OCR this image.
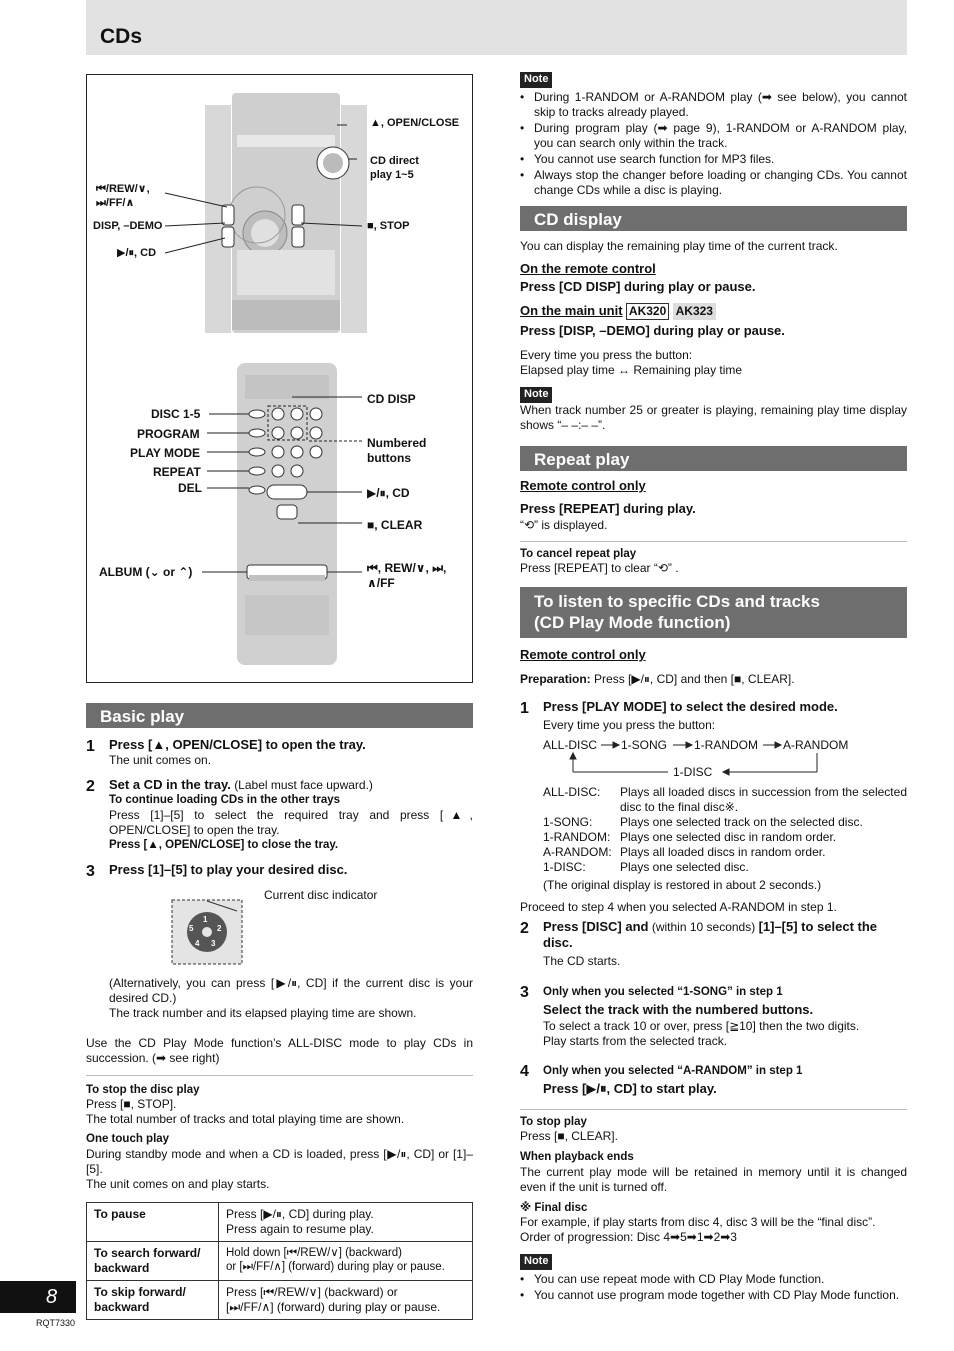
CDs
▲, OPEN/CLOSE
CD direct play 1~5
⏮/REW/∨, ⏭/FF/∧
DISP, –DEMO	■, STOP
▶/⏸, CD
CD DISP
DISC 1-5
PROGRAM
Numbered buttons
PLAY MODE
REPEAT
DEL	▶/⏸, CD
■, CLEAR
ALBUM (⌄ or ⌃)	⏮, REW/∨, ⏭, ∧/FF
Basic play
1 Press [▲, OPEN/CLOSE] to open the tray.
The unit comes on.
2 Set a CD in the tray. (Label must face upward.)
To continue loading CDs in the other trays
Press [1]–[5] to select the required tray and press [▲, OPEN/CLOSE] to open the tray.
Press [▲, OPEN/CLOSE] to close the tray.
3 Press [1]–[5] to play your desired disc.
Current disc indicator
1
2
3
4
5
(Alternatively, you can press [▶/⏸, CD] if the current disc is your desired CD.)
The track number and its elapsed playing time are shown.
Use the CD Play Mode function’s ALL-DISC mode to play CDs in succession. (➡ see right)
To stop the disc play
Press [■, STOP].
The total number of tracks and total playing time are shown.
One touch play
During standby mode and when a CD is loaded, press [▶/⏸, CD] or [1]–[5].
The unit comes on and play starts.
To pause	Press [▶/⏸, CD] during play.
Press again to resume play.

To search forward/ backward	Hold down [⏮/REW/∨] (backward)
or [⏭/FF/∧] (forward) during play or pause.

To skip forward/ backward	Press [⏮/REW/∨] (backward) or
[⏭/FF/∧] (forward) during play or pause.
8
RQT7330
Note
• During 1-RANDOM or A-RANDOM play (➡ see below), you cannot skip to tracks already played.
• During program play (➡ page 9), 1-RANDOM or A-RANDOM play, you can search only within the track.
• You cannot use search function for MP3 files.
• Always stop the changer before loading or changing CDs. You cannot change CDs while a disc is playing.
CD display
You can display the remaining play time of the current track.
On the remote control
Press [CD DISP] during play or pause.
On the main unit AK320 AK323
Press [DISP, –DEMO] during play or pause.
Every time you press the button:
Elapsed play time ↔ Remaining play time
Note
When track number 25 or greater is playing, remaining play time display shows “– –:– –”.
Repeat play
Remote control only
Press [REPEAT] during play.
“⟲” is displayed.
To cancel repeat play
Press [REPEAT] to clear “⟲” .
To listen to specific CDs and tracks
(CD Play Mode function)
Remote control only
Preparation: Press [▶/⏸, CD] and then [■, CLEAR].
1 Press [PLAY MODE] to select the desired mode.
Every time you press the button:
ALL-DISC 1-SONG 1-RANDOM A-RANDOM
1-DISC
ALL-DISC:	Plays all loaded discs in succession from the selected disc to the final disc※.
1-SONG:	Plays one selected track on the selected disc.
1-RANDOM: Plays one selected disc in random order.
A-RANDOM: Plays all loaded discs in random order.
1-DISC:	Plays one selected disc.
(The original display is restored in about 2 seconds.)
Proceed to step 4 when you selected A-RANDOM in step 1.
2 Press [DISC] and (within 10 seconds) [1]–[5] to select the disc.
The CD starts.
3 Only when you selected “1-SONG” in step 1
Select the track with the numbered buttons.
To select a track 10 or over, press [≧10] then the two digits.
Play starts from the selected track.
4 Only when you selected “A-RANDOM” in step 1
Press [▶/⏸, CD] to start play.
To stop play
Press [■, CLEAR].
When playback ends
The current play mode will be retained in memory until it is changed even if the unit is turned off.
※ Final disc
For example, if play starts from disc 4, disc 3 will be the “final disc”.
Order of progression: Disc 4➡5➡1➡2➡3
Note
• You can use repeat mode with CD Play Mode function.
• You cannot use program mode together with CD Play Mode function.
